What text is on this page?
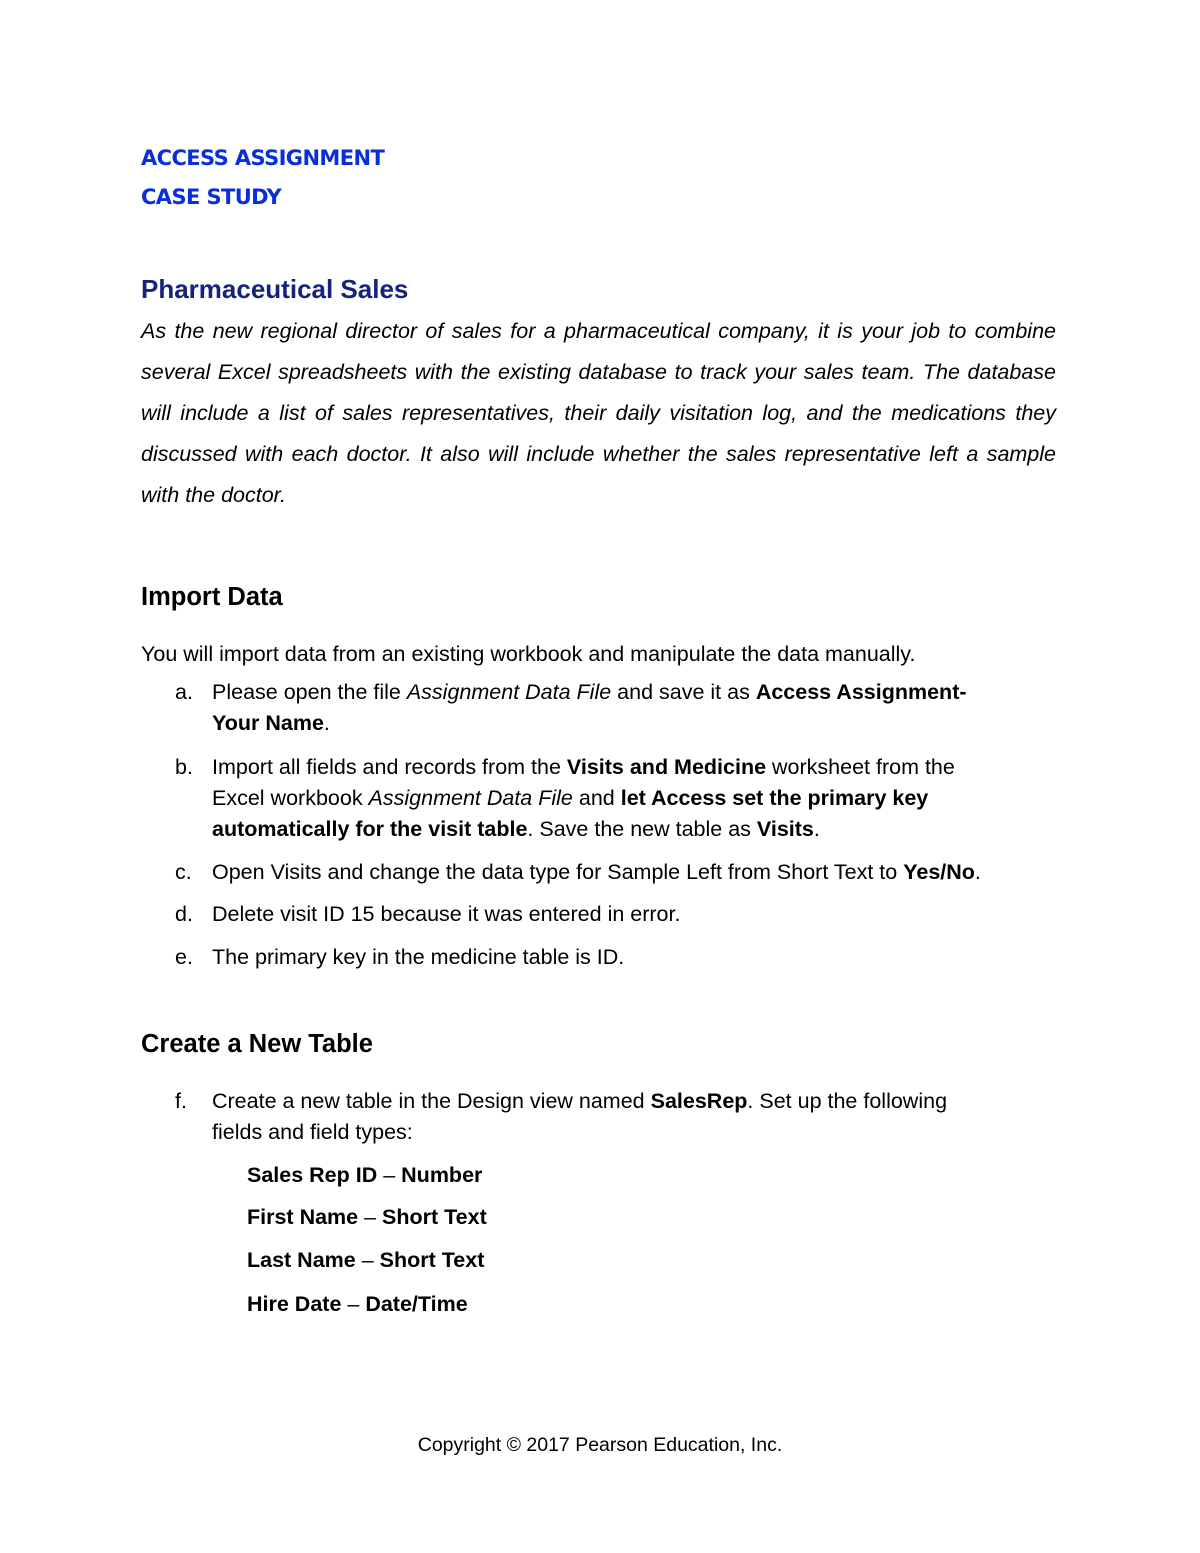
ACCESS ASSIGNMENT
CASE STUDY
Pharmaceutical Sales
As the new regional director of sales for a pharmaceutical company, it is your job to combine several Excel spreadsheets with the existing database to track your sales team. The database will include a list of sales representatives, their daily visitation log, and the medications they discussed with each doctor. It also will include whether the sales representative left a sample with the doctor.
Import Data
You will import data from an existing workbook and manipulate the data manually.
a. Please open the file Assignment Data File and save it as Access Assignment-
Your Name.
b. Import all fields and records from the Visits and Medicine worksheet from the
Excel workbook Assignment Data File and let Access set the primary key
automatically for the visit table. Save the new table as Visits.
c. Open Visits and change the data type for Sample Left from Short Text to Yes/No.
d. Delete visit ID 15 because it was entered in error.
e. The primary key in the medicine table is ID.
Create a New Table
f. Create a new table in the Design view named SalesRep. Set up the following
fields and field types:
Sales Rep ID – Number
First Name – Short Text
Last Name – Short Text
Hire Date – Date/Time
Copyright © 2017 Pearson Education, Inc.
